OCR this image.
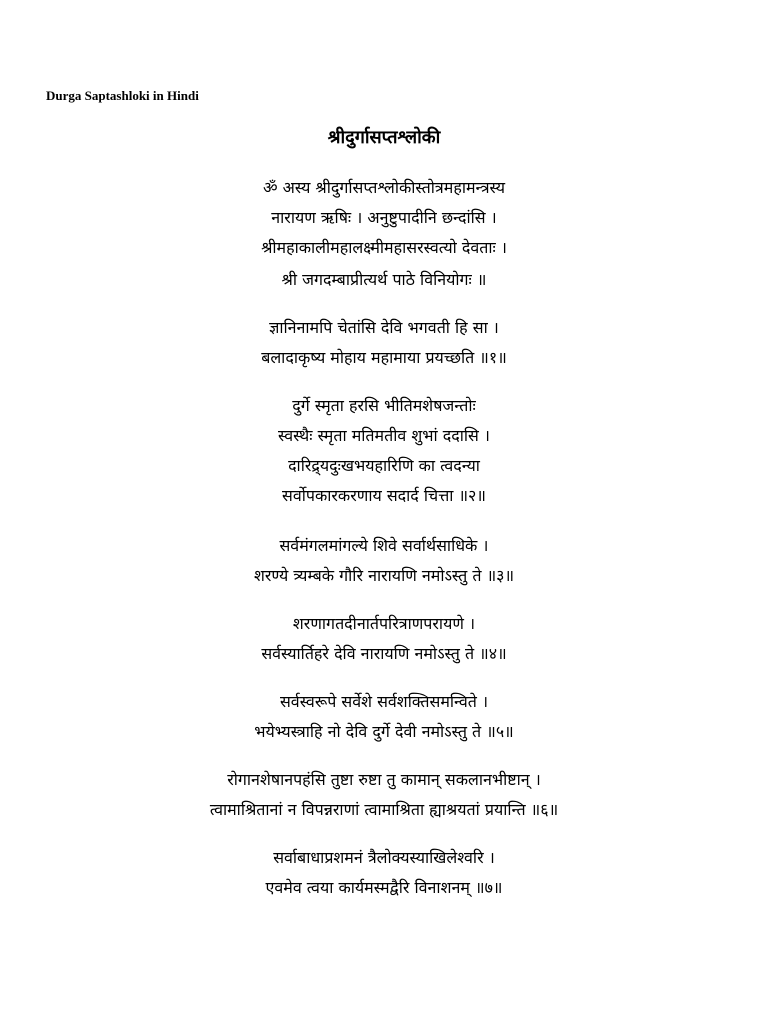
Durga Saptashloki in Hindi
श्रीदुर्गासप्तश्लोकी
ॐ अस्य श्रीदुर्गासप्तश्लोकीस्तोत्रमहामन्त्रस्य
नारायण ऋषिः । अनुष्टुपादीनि छन्दांसि ।
श्रीमहाकालीमहालक्ष्मीमहासरस्वत्यो देवताः ।
श्री जगदम्बाप्रीत्यर्थ पाठे विनियोगः ॥
ज्ञानिनामपि चेतांसि देवि भगवती हि सा ।
बलादाकृष्य मोहाय महामाया प्रयच्छति ॥१॥
दुर्गे स्मृता हरसि भीतिमशेषजन्तोः
स्वस्थैः स्मृता मतिमतीव शुभां ददासि ।
दारिद्र्यदुःखभयहारिणि का त्वदन्या
सर्वोपकारकरणाय सदार्द चित्ता ॥२॥
सर्वमंगलमांगल्ये शिवे सर्वार्थसाधिके ।
शरण्ये त्र्यम्बके गौरि नारायणि नमोऽस्तु ते ॥३॥
शरणागतदीनार्तपरित्राणपरायणे ।
सर्वस्यार्तिहरे देवि नारायणि नमोऽस्तु ते ॥४॥
सर्वस्वरूपे सर्वेशे सर्वशक्तिसमन्विते ।
भयेभ्यस्त्राहि नो देवि दुर्गे देवी नमोऽस्तु ते ॥५॥
रोगानशेषानपहंसि तुष्टा रुष्टा तु कामान् सकलानभीष्टान् ।
त्वामाश्रितानां न विपन्नराणां त्वामाश्रिता ह्याश्रयतां प्रयान्ति ॥६॥
सर्वाबाधाप्रशमनं त्रैलोक्यस्याखिलेश्वरि ।
एवमेव त्वया कार्यमस्मद्वैरि विनाशनम् ॥७॥
